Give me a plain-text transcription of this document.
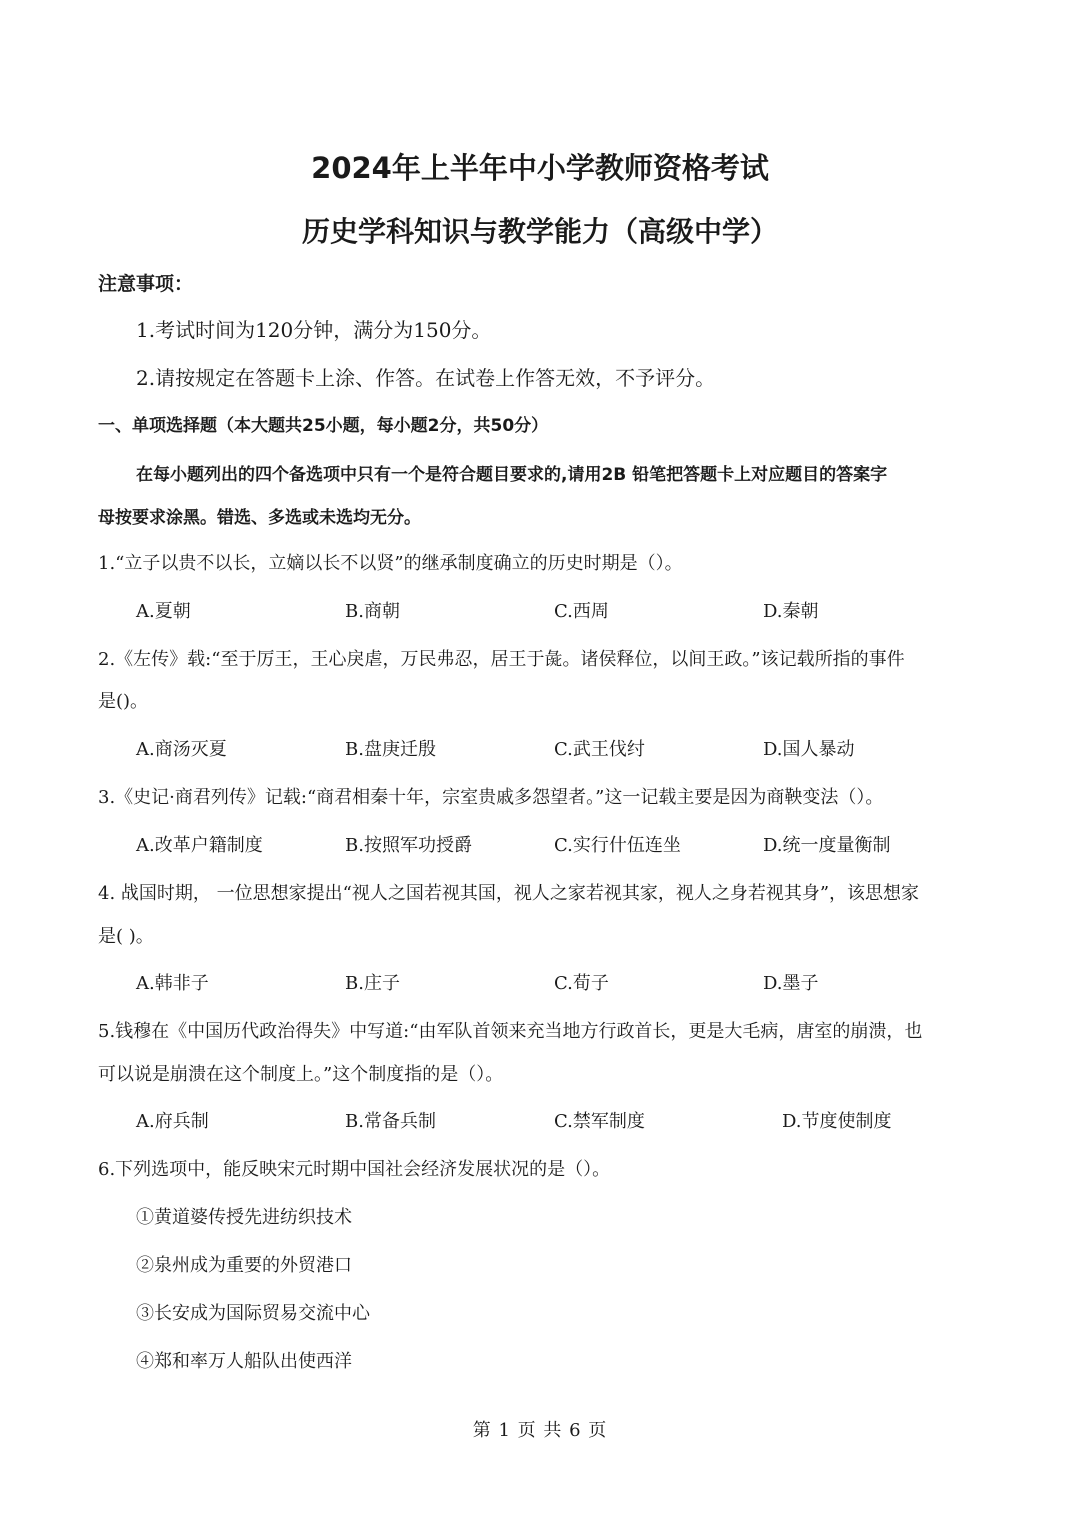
2024年上半年中小学教师资格考试
历史学科知识与教学能力（高级中学）
注意事项：
1.考试时间为120分钟，满分为150分。
2.请按规定在答题卡上涂、作答。在试卷上作答无效，不予评分。
一、单项选择题（本大题共25小题，每小题2分，共50分）
在每小题列出的四个备选项中只有一个是符合题目要求的,请用2B 铅笔把答题卡上对应题目的答案字
母按要求涂黑。错选、多选或未选均无分。
1.“立子以贵不以长，立嫡以长不以贤”的继承制度确立的历史时期是（）。
A.夏朝	B.商朝	C.西周	D.秦朝
2.《左传》载:“至于厉王，王心戾虐，万民弗忍，居王于彘。诸侯释位，以间王政。”该记载所指的事件
是()。
A.商汤灭夏	B.盘庚迁殷	C.武王伐纣	D.国人暴动
3.《史记·商君列传》记载:“商君相秦十年，宗室贵戚多怨望者。”这一记载主要是因为商鞅变法（）。
A.改革户籍制度	B.按照军功授爵	C.实行什伍连坐	D.统一度量衡制
4. 战国时期， 一位思想家提出“视人之国若视其国，视人之家若视其家，视人之身若视其身”，该思想家
是( )。
A.韩非子	B.庄子	C.荀子	D.墨子
5.钱穆在《中国历代政治得失》中写道:“由军队首领来充当地方行政首长，更是大毛病，唐室的崩溃，也
可以说是崩溃在这个制度上。”这个制度指的是（）。
A.府兵制	B.常备兵制	C.禁军制度	D.节度使制度
6.下列选项中，能反映宋元时期中国社会经济发展状况的是（）。
①黄道婆传授先进纺织技术
②泉州成为重要的外贸港口
③长安成为国际贸易交流中心
④郑和率万人船队出使西洋
第 1 页 共 6 页
